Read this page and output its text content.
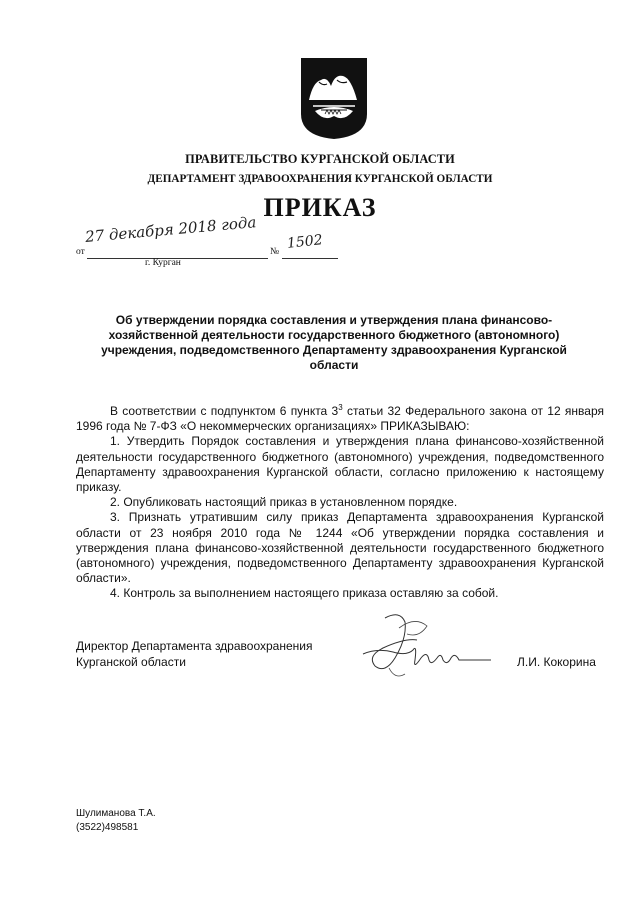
ПРАВИТЕЛЬСТВО КУРГАНСКОЙ ОБЛАСТИ
ДЕПАРТАМЕНТ ЗДРАВООХРАНЕНИЯ КУРГАНСКОЙ ОБЛАСТИ
ПРИКАЗ
от
27 декабря 2018 года
№
1502
г. Курган
Об утверждении порядка составления и утверждения плана финансово-хозяйственной деятельности государственного бюджетного (автономного) учреждения, подведомственного Департаменту здравоохранения Курганской области

В соответствии с подпунктом 6 пункта $3^3$ статьи 32 Федерального закона от 12 января 1996 года № 7-ФЗ «О некоммерческих организациях» ПРИКАЗЫВАЮ:

1. Утвердить Порядок составления и утверждения плана финансово-хозяйственной деятельности государственного бюджетного (автономного) учреждения, подведомственного Департаменту здравоохранения Курганской области, согласно приложению к настоящему приказу.

2. Опубликовать настоящий приказ в установленном порядке.

3. Признать утратившим силу приказ Департамента здравоохранения Курганской области от 23 ноября 2010 года № 1244 «Об утверждении порядка составления и утверждения плана финансово-хозяйственной деятельности государственного бюджетного (автономного) учреждения, подведомственного Департаменту здравоохранения Курганской области».

4. Контроль за выполнением настоящего приказа оставляю за собой.

Директор Департамента здравоохранения
Курганской области	Л.И. Кокорина
Шулиманова Т.А.
(3522)498581
